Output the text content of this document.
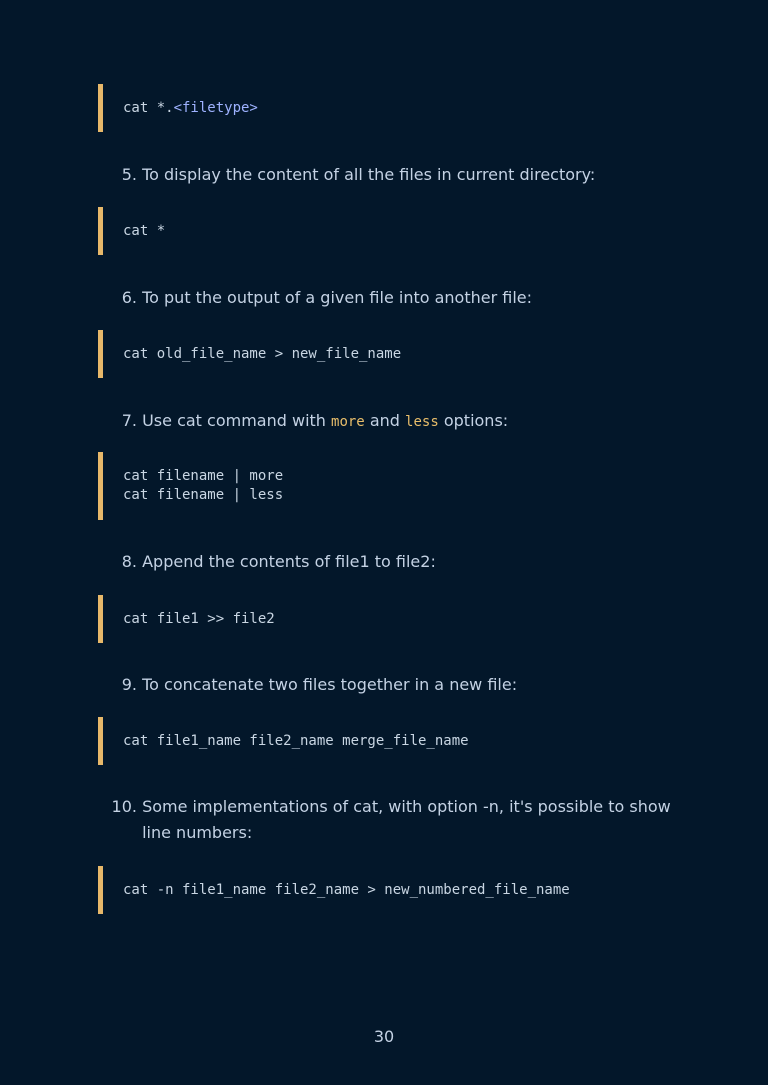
cat *.<filetype>
5. To display the content of all the files in current directory:
cat *
6. To put the output of a given file into another file:
cat old_file_name > new_file_name
7. Use cat command with more and less options:
cat filename | more
cat filename | less
8. Append the contents of file1 to file2:
cat file1 >> file2
9. To concatenate two files together in a new file:
cat file1_name file2_name merge_file_name
10. Some implementations of cat, with option -n, it's possible to show
line numbers:
cat -n file1_name file2_name > new_numbered_file_name
30
